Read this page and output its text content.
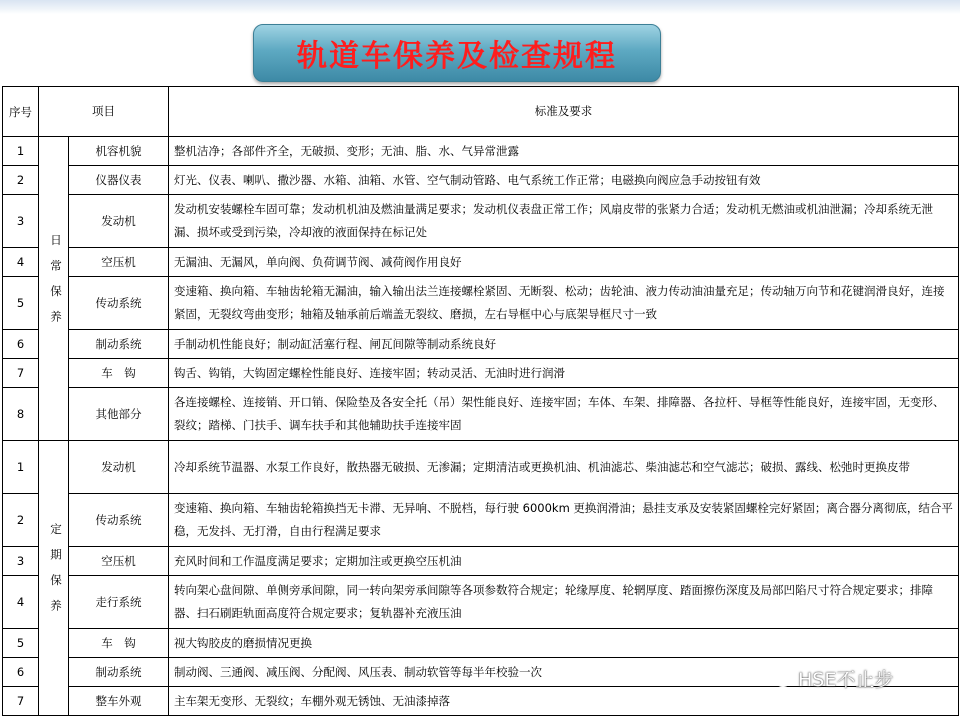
轨道车保养及检查规程
序号	项目		标准及要求
1	日常保养	机容机貌	整机洁净；各部件齐全，无破损、变形；无油、脂、水、气异常泄露
2		仪器仪表	灯光、仪表、喇叭、撒沙器、水箱、油箱、水管、空气制动管路、电气系统工作正常；电磁换向阀应急手动按钮有效
3		发动机	发动机安装螺栓车固可靠；发动机机油及燃油量满足要求；发动机仪表盘正常工作；风扇皮带的张紧力合适；发动机无燃油或机油泄漏；冷却系统无泄漏、损坏或受到污染，冷却液的液面保持在标记处
4		空压机	无漏油、无漏风，单向阀、负荷调节阀、减荷阀作用良好
5		传动系统	变速箱、换向箱、车轴齿轮箱无漏油，输入输出法兰连接螺栓紧固、无断裂、松动；齿轮油、液力传动油油量充足；传动轴万向节和花键润滑良好，连接紧固，无裂纹弯曲变形；轴箱及轴承前后端盖无裂纹、磨损，左右导框中心与底架导框尺寸一致
6		制动系统	手制动机性能良好；制动缸活塞行程、闸瓦间隙等制动系统良好
7		车　钩	钩舌、钩销，大钩固定螺栓性能良好、连接牢固；转动灵活、无油时进行润滑
8		其他部分	各连接螺栓、连接销、开口销、保险垫及各安全托（吊）架性能良好、连接牢固；车体、车架、排障器、各拉杆、导框等性能良好，连接牢固，无变形、裂纹；踏梯、门扶手、调车扶手和其他辅助扶手连接牢固
1	定期保养	发动机	冷却系统节温器、水泵工作良好，散热器无破损、无渗漏；定期清洁或更换机油、机油滤芯、柴油滤芯和空气滤芯；破损、露线、松弛时更换皮带
2		传动系统	变速箱、换向箱、车轴齿轮箱换挡无卡滞、无异响、不脱档，每行驶 6000km 更换润滑油；悬挂支承及安装紧固螺栓完好紧固；离合器分离彻底，结合平稳，无发抖、无打滑，自由行程满足要求
3		空压机	充风时间和工作温度满足要求；定期加注或更换空压机油
4		走行系统	转向架心盘间隙、单侧旁承间隙，同一转向架旁承间隙等各项参数符合规定；轮缘厚度、轮辋厚度、踏面擦伤深度及局部凹陷尺寸符合规定要求；排障器、扫石刷距轨面高度符合规定要求；复轨器补充液压油
5		车　钩	视大钩胶皮的磨损情况更换
6		制动系统	制动阀、三通阀、减压阀、分配阀、风压表、制动软管等每半年校验一次
7		整车外观	主车架无变形、无裂纹；车棚外观无锈蚀、无油漆掉落
HSE不止步
